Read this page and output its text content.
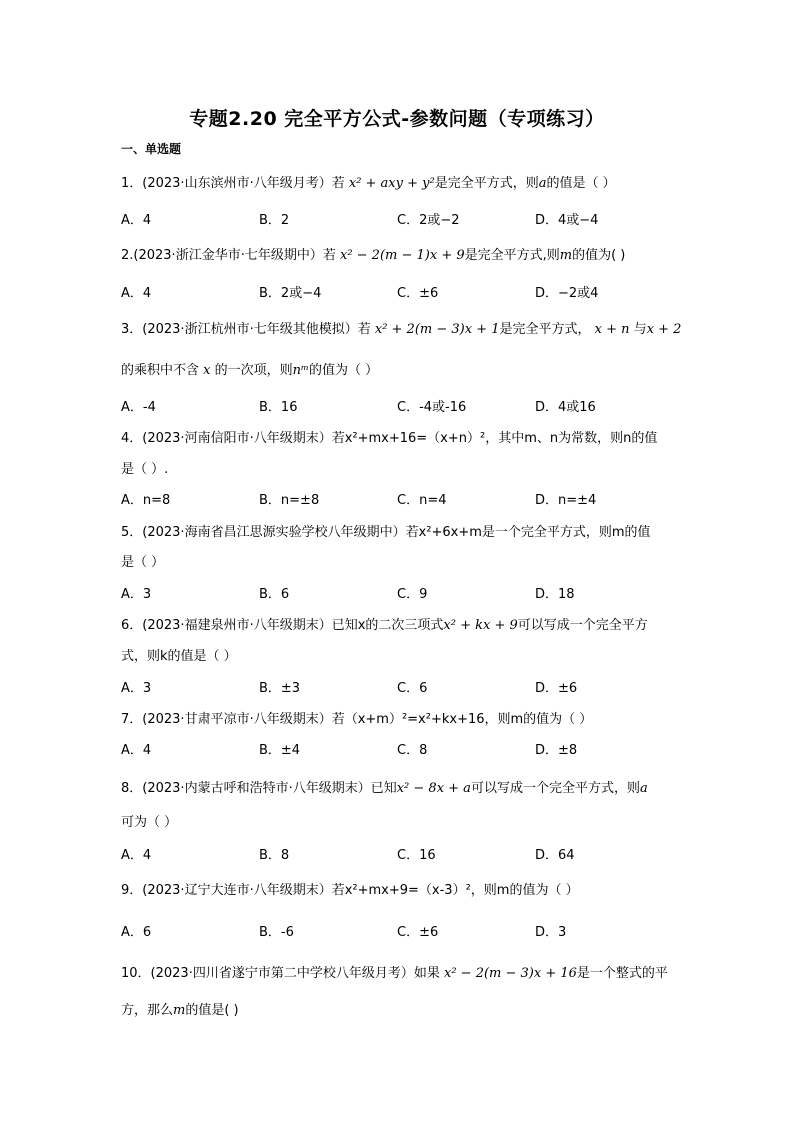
专题2.20 完全平方公式-参数问题（专项练习）
一、单选题
1．(2023·山东滨州市·八年级月考）若 x² + axy + y²是完全平方式，则a的值是（ ）
A．4	B．2	C．2或−2	D．4或−4
2.(2023·浙江金华市·七年级期中）若 x² − 2(m − 1)x + 9是完全平方式,则m的值为( )
A．4	B．2或−4	C．±6	D．−2或4
3．(2023·浙江杭州市·七年级其他模拟）若 x² + 2(m − 3)x + 1是完全平方式， x + n 与x + 2
的乘积中不含 x 的一次项，则nᵐ的值为（ ）
A．-4	B．16	C．-4或-16	D．4或16
4．(2023·河南信阳市·八年级期末）若x²+mx+16=（x+n）²，其中m、n为常数，则n的值
是（ ）.
A．n=8	B．n=±8	C．n=4	D．n=±4
5．(2023·海南省昌江思源实验学校八年级期中）若x²+6x+m是一个完全平方式，则m的值
是（ ）
A．3	B．6	C．9	D．18
6．(2023·福建泉州市·八年级期末）已知x的二次三项式x² + kx + 9可以写成一个完全平方
式，则k的值是（ ）
A．3	B．±3	C．6	D．±6
7．(2023·甘肃平凉市·八年级期末）若（x+m）²=x²+kx+16，则m的值为（ ）
A．4	B．±4	C．8	D．±8
8．(2023·内蒙古呼和浩特市·八年级期末）已知x² − 8x + a可以写成一个完全平方式，则a
可为（ ）
A．4	B．8	C．16	D．64
9．(2023·辽宁大连市·八年级期末）若x²+mx+9=（x-3）²，则m的值为（ ）
A．6	B．-6	C．±6	D．3
10．(2023·四川省遂宁市第二中学校八年级月考）如果 x² − 2(m − 3)x + 16是一个整式的平
方，那么m的值是( )
